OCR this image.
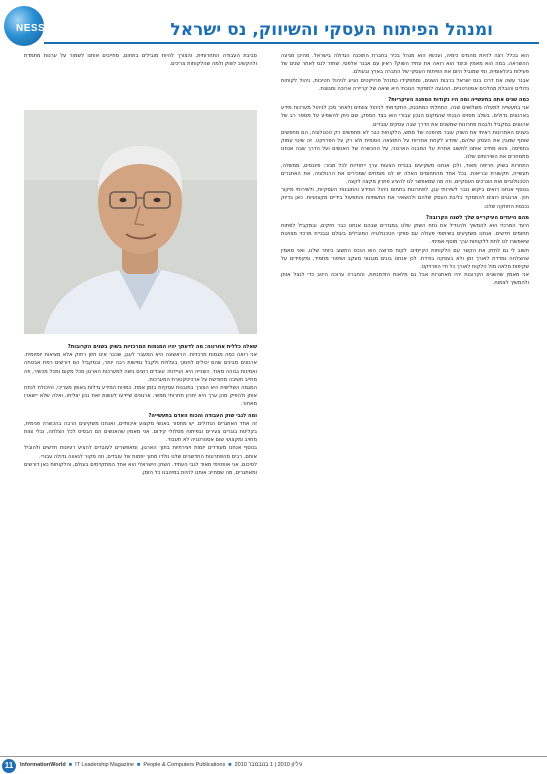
NESS	ומנהל הפיתוח העסקי והשיווק, נס ישראל

הוא בכלל רצה להיות מהנדס כימיה, ועכשיו הוא מנהל בכיר בחברת התוכנה הגדולה בישראל. מהיכן מגיעה ההשראה, במה הוא מאמין וכיצד הוא רואה את עתיד השוק? ראיון עם אבנר אלפסי, שחזר לנס לאחר שנים של פעילות בינלאומית, ומי שמוביל היום את הפיתוח העסקי של החברה בארץ ובעולם.

אבנר עשה את דרכו בנס ישראל ברבות השנים, ומתפקידו כמנהל פרויקטים הגיע לניהול חטיבות, ניהול לקוחות גדולים והובלת מהלכים אסטרטגיים. ההגעה לתפקיד הנוכחי היא שיאה של קריירה ארוכה ומגוונת.

כמה שנים אתה בתעשייה ומה היו נקודות המפנה העיקריות?

אני בתעשייה למעלה משלושים שנה. התחלתי כמתכנת, התקדמתי לניהול צוותים ולאחר מכן לניהול מערכות מידע בארגונים גדולים. בשלב מסוים הבנתי שהמקום הנכון עבורי הוא בצד הספק, שם ניתן להשפיע על מספר רב של ארגונים במקביל ולבנות פתרונות שמשנים את הדרך שבה עסקים עובדים.

בשנים האחרונות ראיתי את השוק עובר מהפכה של ממש. הלקוחות כבר לא מחפשים רק טכנולוגיה, הם מחפשים שותף שמבין את העסק שלהם, שיודע לקחת אחריות על התוצאה הסופית ולא רק על הפרויקט. זה שינוי עמוק בתפיסה, והוא מחייב אותנו לחשוב אחרת על המבנה הארגוני, על ההכשרה של האנשים ועל הדרך שבה אנחנו מתמחרים את השירותים שלנו.

התחרות בשוק חריפה מאוד, ולכן אנחנו משקיעים בבניית הצעות ערך ייחודיות לכל מגזר: פיננסים, ממשלה, תעשייה, תקשורת ובריאות. בכל אחד מהתחומים האלה יש לנו מומחים שמכירים את הרגולציה, את האתגרים הטכנולוגיים ואת הצרכים העסקיים, וזה מה שמאפשר לנו להציע פתרון מקצה לקצה.

בנוסף אנחנו רואים ביקוש גובר לשירותי ענן, לפתרונות בתחום ניהול המידע והתובנות העסקיות, ולשירותי מיקור חוץ. ארגונים רוצים להתמקד בליבת העסק שלהם ולהשאיר את התשתיות והתפעול בידיים מקצועיות. כאן בדיוק נכנסת החוזקה שלנו.

מהם היעדים העיקריים שלך לשנה הקרובה?

היעד המרכזי הוא להמשיך ולהגדיל את נתח השוק שלנו במגזרים שבהם אנחנו כבר חזקים, ובמקביל לפתוח תחומים חדשים. אנחנו משקיעים בשיתופי פעולה עם ספקי הטכנולוגיה המובילים בעולם ובבניית מרכזי מצוינות שיאפשרו לנו לתת ללקוחות ערך מוסף אמיתי.

חשוב לי גם לחזק את הקשר עם הלקוחות הקיימים. לקוח מרוצה הוא הנכס החשוב ביותר שלנו, ואני מאמין שהצלחה נמדדת לאורך זמן ולא בעסקה בודדת. לכן אנחנו בונים מנגנוני מעקב ושיפור מתמיד, ומקפידים על שקיפות מלאה מול הלקוח לאורך כל חיי הפרויקט.

אני מאמין שהשנים הקרובות יהיו מאתגרות אבל גם מלאות הזדמנויות, והחברה ערוכה היטב כדי לנצל אותן ולהמשיך לצמוח.

סביבת העבודה התחרותית, והצורך להיות מובילים בתחום, מחייבים אותנו לשמור על ערנות מתמדת ולהקשיב לשוק ולמה שהלקוחות צריכים.

שאלה כללית אחרונה: מה לדעתך יהיו המגמות המרכזיות בשוק בשנים הקרובות?

אני רואה כמה מגמות מרכזיות. הראשונה היא המעבר לענן, שכבר אינו חזון רחוק אלא מציאות יומיומית. ארגונים מבינים שהם יכולים לחסוך בעלויות ולקבל גמישות רבה יותר, ובמקביל הם דורשים רמת אבטחה ואמינות גבוהה מאוד. השנייה היא הניידות: עובדים רוצים גישה למערכות הארגון מכל מקום ומכל מכשיר, וזה מחייב חשיבה מחודשת על ארכיטקטורת המערכות.

המגמה השלישית היא הצורך בתובנות עסקיות בזמן אמת. כמויות המידע גדלות באופן מעריכי, והיכולת לנתח אותן ולהפיק מהן ערך היא יתרון תחרותי ממשי. ארגונים שיידעו לעשות זאת נכון יצליחו, ואלה שלא יישארו מאחור.

ומה לגבי שוק העבודה והכוח האדם בתעשייה?

זה אחד האתגרים הגדולים. יש מחסור באנשי מקצוע איכותיים, ואנחנו משקיעים הרבה בהכשרה פנימית, בקליטת בוגרים צעירים ובפיתוח מסלולי קידום. אני מאמין שהאנשים הם הבסיס לכל הצלחה, ובלי צוות מחויב ומקצועי שום אסטרטגיה לא תעבוד.

בנוסף אנחנו מעודדים יזמות ויצירתיות בתוך הארגון, ומאפשרים לעובדים להציע רעיונות חדשים ולהוביל אותם. רבים מהפתרונות החדשניים שלנו נולדו מתוך יוזמות של עובדים, וזה מקור לגאווה גדולה עבורי.

לסיכום, אני אופטימי מאוד לגבי העתיד. השוק הישראלי הוא אחד המתקדמים בעולם, והלקוחות כאן דורשים ומאתגרים, מה שמחייב אותנו להיות במיטבנו כל הזמן.

11	InformationWorld ■ IT Leadership Magazine ■ People & Computers Publications ■ גיליון 2010 | 1 בנובמבר 2010
